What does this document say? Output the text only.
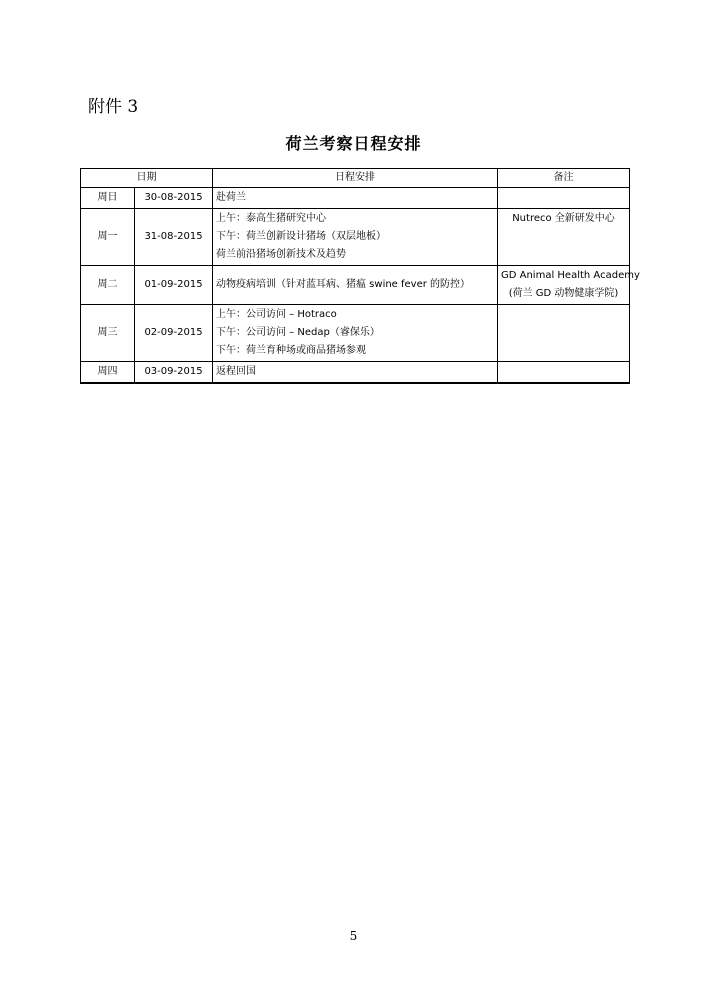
附件 3
荷兰考察日程安排
日期		日程安排	备注
周日	30-08-2015	赴荷兰	

周一	31-08-2015	上午：泰高生猪研究中心
下午：荷兰创新设计猪场（双层地板）
荷兰前沿猪场创新技术及趋势	Nutreco 全新研发中心

周二	01-09-2015	动物疫病培训（针对蓝耳病、猪瘟 swine fever 的防控）	GD Animal Health Academy
(荷兰 GD 动物健康学院)

周三	02-09-2015	上午：公司访问 – Hotraco
下午：公司访问 – Nedap（睿保乐）
下午：荷兰育种场或商品猪场参观	

周四	03-09-2015	返程回国	

5
